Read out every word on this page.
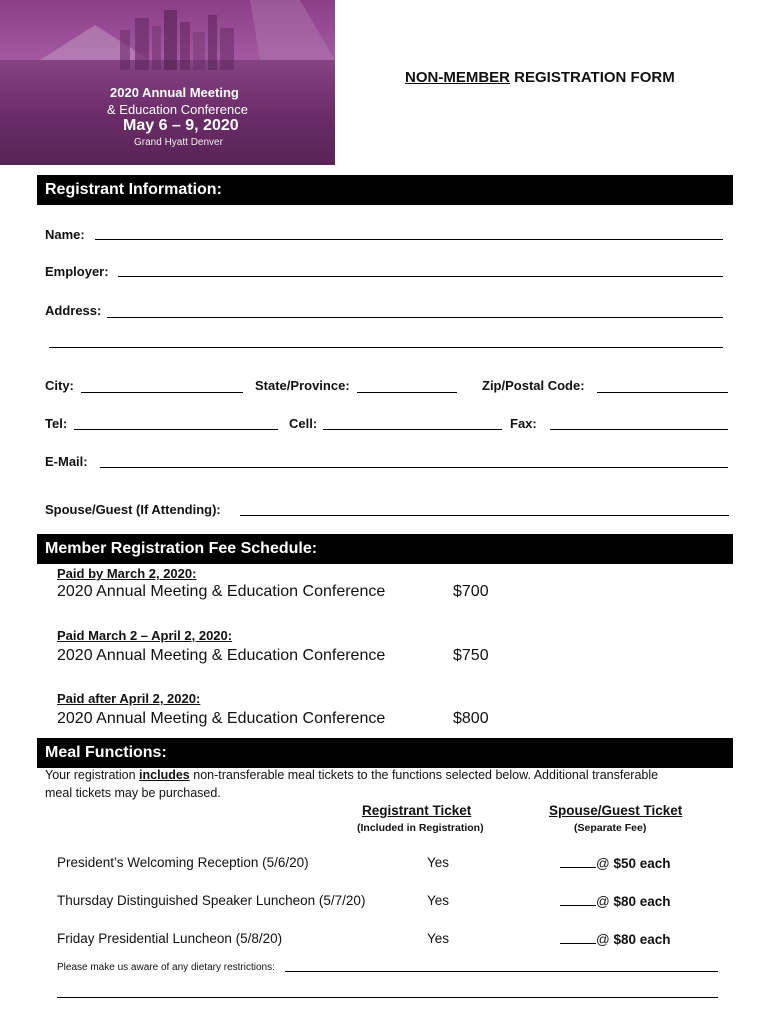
2020 Annual Meeting
& Education Conference
May 6 – 9, 2020
Grand Hyatt Denver
NON-MEMBER REGISTRATION FORM
Registrant Information:
Name:
Employer:
Address:
City:	State/Province:	Zip/Postal Code:
Tel:	Cell:	Fax:
E-Mail:
Spouse/Guest (If Attending):
Member Registration Fee Schedule:
Paid by March 2, 2020:
2020 Annual Meeting & Education Conference	$700
Paid March 2 – April 2, 2020:
2020 Annual Meeting & Education Conference	$750
Paid after April 2, 2020:
2020 Annual Meeting & Education Conference	$800
Meal Functions:
Your registration includes non-transferable meal tickets to the functions selected below. Additional transferable
meal tickets may be purchased.
Registrant Ticket
(Included in Registration)
Spouse/Guest Ticket
(Separate Fee)
President’s Welcoming Reception (5/6/20)	Yes	@ $50 each
Thursday Distinguished Speaker Luncheon (5/7/20)	Yes	@ $80 each
Friday Presidential Luncheon (5/8/20)	Yes	@ $80 each
Please make us aware of any dietary restrictions:
